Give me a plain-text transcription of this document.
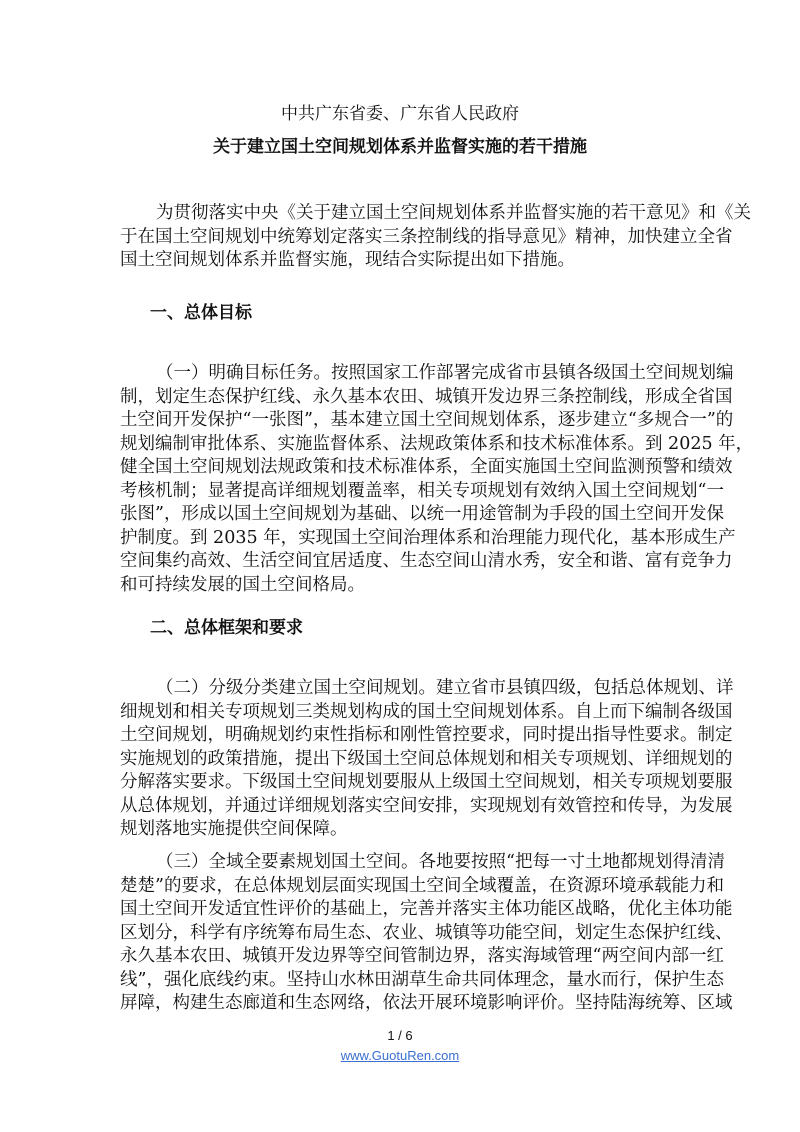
中共广东省委、广东省人民政府
关于建立国土空间规划体系并监督实施的若干措施
为贯彻落实中央《关于建立国土空间规划体系并监督实施的若干意见》和《关
于在国土空间规划中统筹划定落实三条控制线的指导意见》精神，加快建立全省
国土空间规划体系并监督实施，现结合实际提出如下措施。
一、总体目标
（一）明确目标任务。按照国家工作部署完成省市县镇各级国土空间规划编
制，划定生态保护红线、永久基本农田、城镇开发边界三条控制线，形成全省国
土空间开发保护“一张图”，基本建立国土空间规划体系，逐步建立“多规合一”的
规划编制审批体系、实施监督体系、法规政策体系和技术标准体系。到 2025 年，
健全国土空间规划法规政策和技术标准体系，全面实施国土空间监测预警和绩效
考核机制；显著提高详细规划覆盖率，相关专项规划有效纳入国土空间规划“一
张图”，形成以国土空间规划为基础、以统一用途管制为手段的国土空间开发保
护制度。到 2035 年，实现国土空间治理体系和治理能力现代化，基本形成生产
空间集约高效、生活空间宜居适度、生态空间山清水秀，安全和谐、富有竞争力
和可持续发展的国土空间格局。
二、总体框架和要求
（二）分级分类建立国土空间规划。建立省市县镇四级，包括总体规划、详
细规划和相关专项规划三类规划构成的国土空间规划体系。自上而下编制各级国
土空间规划，明确规划约束性指标和刚性管控要求，同时提出指导性要求。制定
实施规划的政策措施，提出下级国土空间总体规划和相关专项规划、详细规划的
分解落实要求。下级国土空间规划要服从上级国土空间规划，相关专项规划要服
从总体规划，并通过详细规划落实空间安排，实现规划有效管控和传导，为发展
规划落地实施提供空间保障。
（三）全域全要素规划国土空间。各地要按照“把每一寸土地都规划得清清
楚楚”的要求，在总体规划层面实现国土空间全域覆盖，在资源环境承载能力和
国土空间开发适宜性评价的基础上，完善并落实主体功能区战略，优化主体功能
区划分，科学有序统筹布局生态、农业、城镇等功能空间，划定生态保护红线、
永久基本农田、城镇开发边界等空间管制边界，落实海域管理“两空间内部一红
线”，强化底线约束。坚持山水林田湖草生命共同体理念，量水而行，保护生态
屏障，构建生态廊道和生态网络，依法开展环境影响评价。坚持陆海统筹、区域
1 / 6
www.GuotuRen.com
